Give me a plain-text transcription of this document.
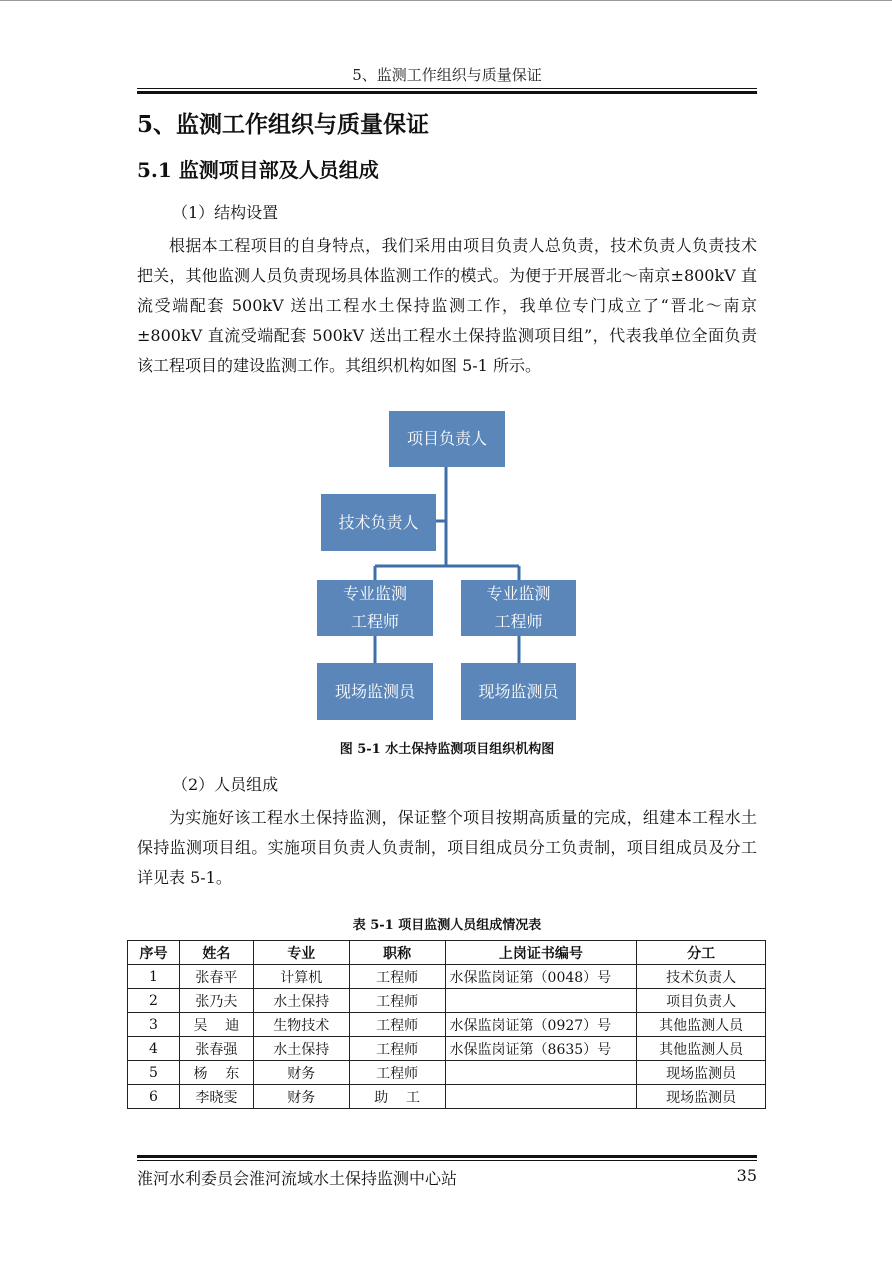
5、监测工作组织与质量保证
5、监测工作组织与质量保证
5.1 监测项目部及人员组成
（1）结构设置

根据本工程项目的自身特点，我们采用由项目负责人总负责，技术负责人负责技术把关，其他监测人员负责现场具体监测工作的模式。为便于开展晋北～南京±800kV 直流受端配套 500kV 送出工程水土保持监测工作，我单位专门成立了“晋北～南京±800kV 直流受端配套 500kV 送出工程水土保持监测项目组”，代表我单位全面负责该工程项目的建设监测工作。其组织机构如图 5-1 所示。

项目负责人
技术负责人
专业监测
工程师
专业监测
工程师
现场监测员	现场监测员
图 5-1 水土保持监测项目组织机构图
（2）人员组成

为实施好该工程水土保持监测，保证整个项目按期高质量的完成，组建本工程水土保持监测项目组。实施项目负责人负责制，项目组成员分工负责制，项目组成员及分工详见表 5-1。

表 5-1 项目监测人员组成情况表
序号	姓名	专业	职称	上岗证书编号	分工
1	张春平	计算机	工程师	水保监岗证第（0048）号	技术负责人
2	张乃夫	水土保持	工程师		项目负责人
3	吴    迪	生物技术	工程师	水保监岗证第（0927）号	其他监测人员
4	张春强	水土保持	工程师	水保监岗证第（8635）号	其他监测人员
5	杨    东	财务	工程师		现场监测员
6	李晓雯	财务	助    工		现场监测员
淮河水利委员会淮河流域水土保持监测中心站	35
